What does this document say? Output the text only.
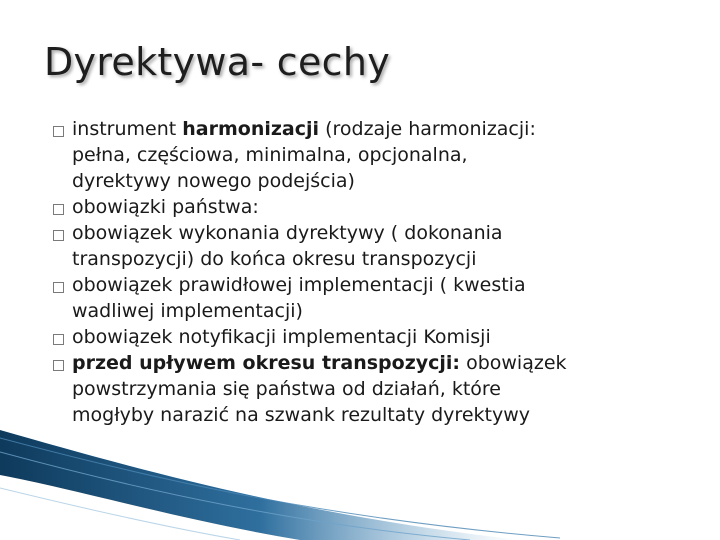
Dyrektywa- cechy
instrument harmonizacji (rodzaje harmonizacji:
pełna, częściowa, minimalna, opcjonalna,
dyrektywy nowego podejścia)
obowiązki państwa:
obowiązek wykonania dyrektywy ( dokonania
transpozycji) do końca okresu transpozycji
obowiązek prawidłowej implementacji ( kwestia
wadliwej implementacji)
obowiązek notyfikacji implementacji Komisji
przed upływem okresu transpozycji: obowiązek
powstrzymania się państwa od działań, które
mogłyby narazić na szwank rezultaty dyrektywy
